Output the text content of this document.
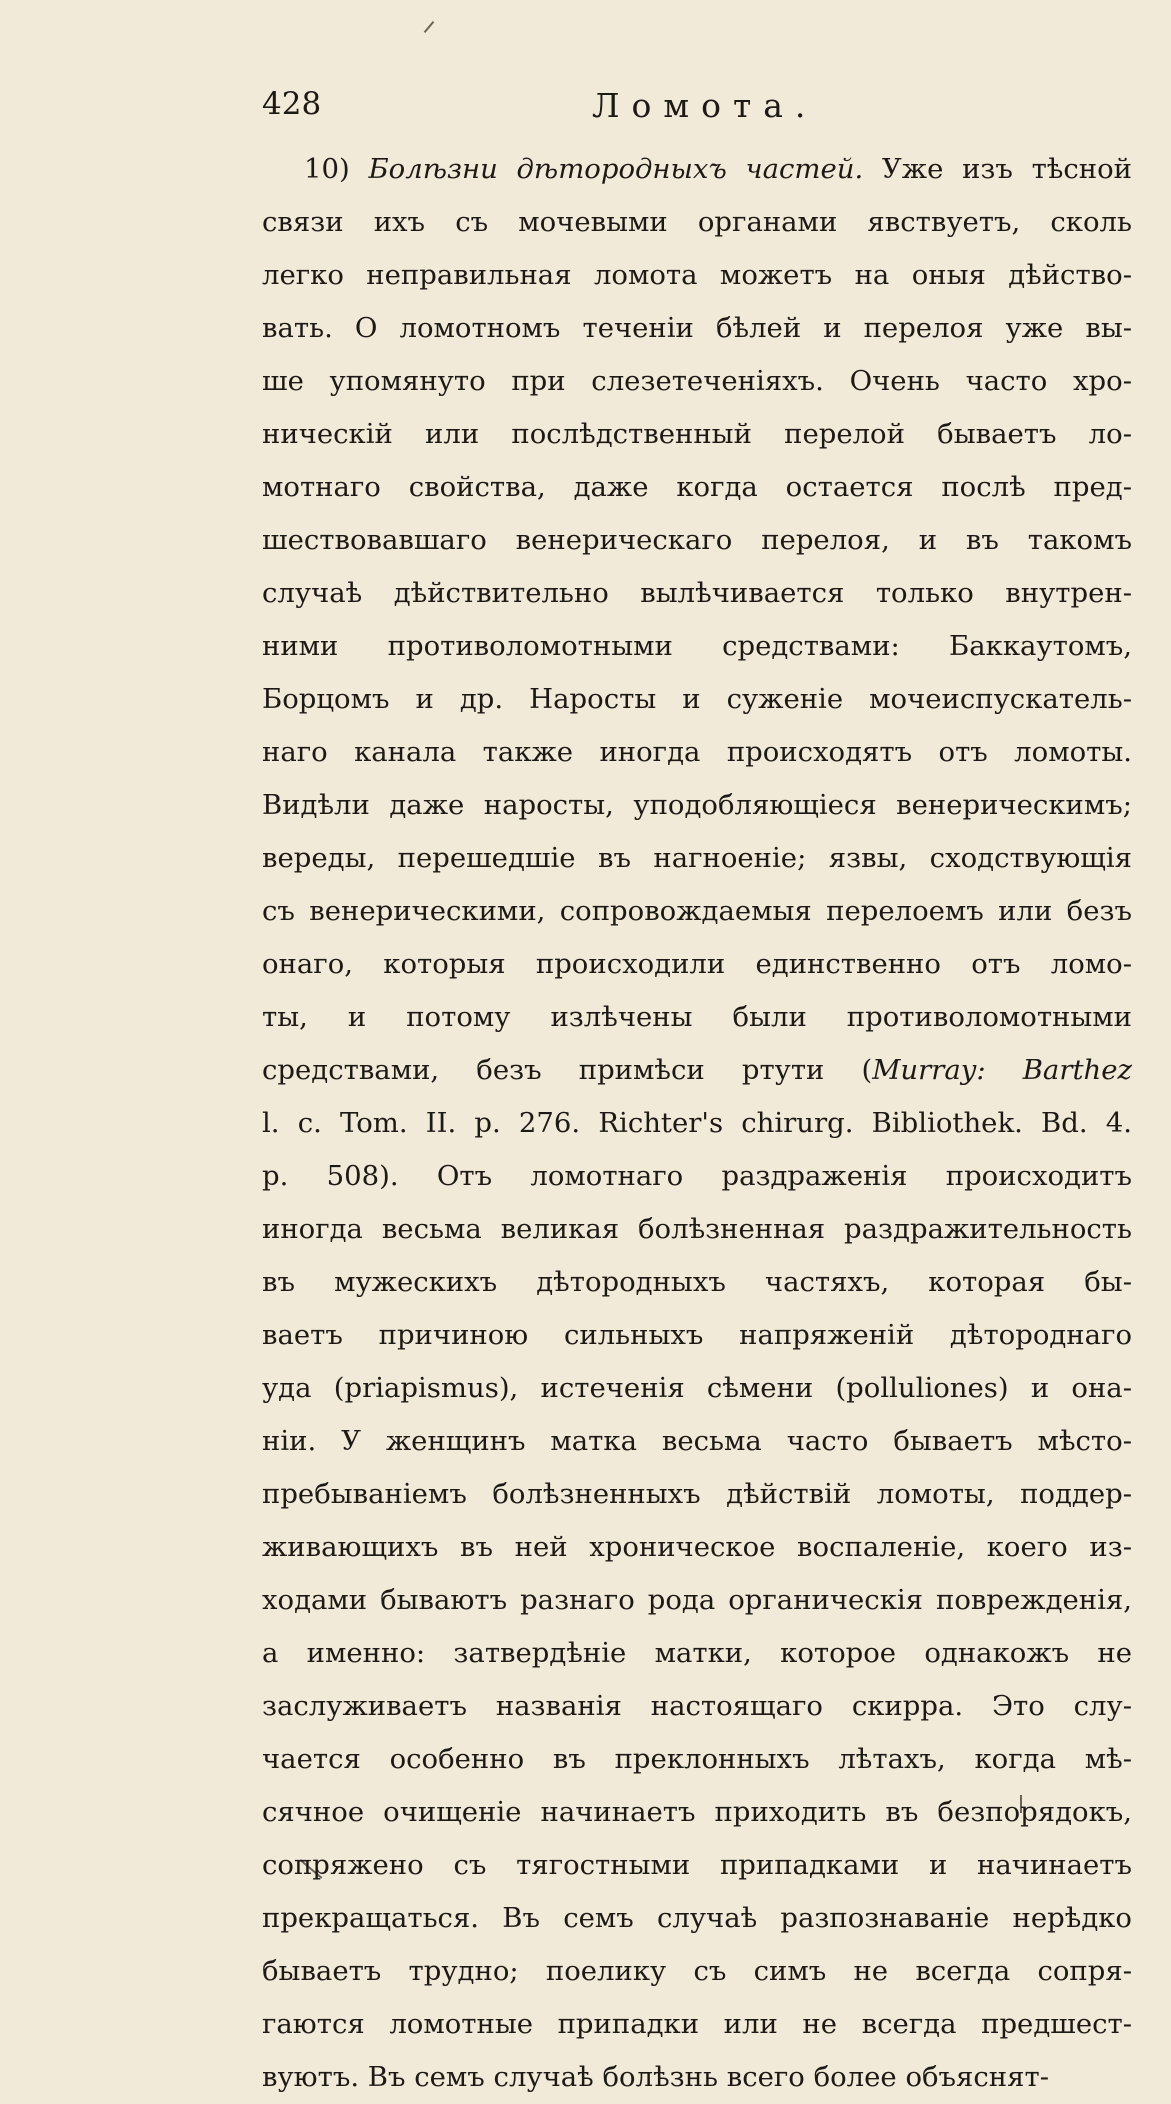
428	Ломота.
10) Болѣзни дѣтородныхъ частей. Уже изъ тѣсной
связи ихъ съ мочевыми органами явствуетъ, сколь
легко неправильная ломота можетъ на оныя дѣйство-
вать. О ломотномъ теченіи бѣлей и перелоя уже вы-
ше упомянуто при слезетеченіяхъ. Очень часто хро-
ническій или послѣдственный перелой бываетъ ло-
мотнаго свойства, даже когда остается послѣ пред-
шествовавшаго венерическаго перелоя, и въ такомъ
случаѣ дѣйствительно вылѣчивается только внутрен-
ними противоломотными средствами: Баккаутомъ,
Борцомъ и др. Наросты и суженіе мочеиспускатель-
наго канала также иногда происходятъ отъ ломоты.
Видѣли даже наросты, уподобляющіеся венерическимъ;
вереды, перешедшіе въ нагноеніе; язвы, сходствующія
съ венерическими, сопровождаемыя перелоемъ или безъ
онаго, которыя происходили единственно отъ ломо-
ты, и потому излѣчены были противоломотными
средствами, безъ примѣси ртути (Murray: Barthez
l. c. Tom. II. p. 276. Richter's chirurg. Bibliothek. Bd. 4.
p. 508). Отъ ломотнаго раздраженія происходитъ
иногда весьма великая болѣзненная раздражительность
въ мужескихъ дѣтородныхъ частяхъ, которая бы-
ваетъ причиною сильныхъ напряженій дѣтороднаго
уда (priapismus), истеченія сѣмени (polluliones) и она-
нiи. У женщинъ матка весьма часто бываетъ мѣсто-
пребываніемъ болѣзненныхъ дѣйствій ломоты, поддер-
живающихъ въ ней хроническое воспаленіе, коего из-
ходами бываютъ разнаго рода органическія поврежденія,
а именно: затвердѣніе матки, которое однакожъ не
заслуживаетъ названія настоящаго скирра. Это слу-
чается особенно въ преклонныхъ лѣтахъ, когда мѣ-
сячное очищеніе начинаетъ приходить въ безпорядокъ,
сопряжено съ тягостными припадками и начинаетъ
прекращаться. Въ семъ случаѣ разпознаваніе нерѣдко
бываетъ трудно; поелику съ симъ не всегда сопря-
гаются ломотные припадки или не всегда предшест-
вуютъ. Въ семъ случаѣ болѣзнь всего более объяснят-
